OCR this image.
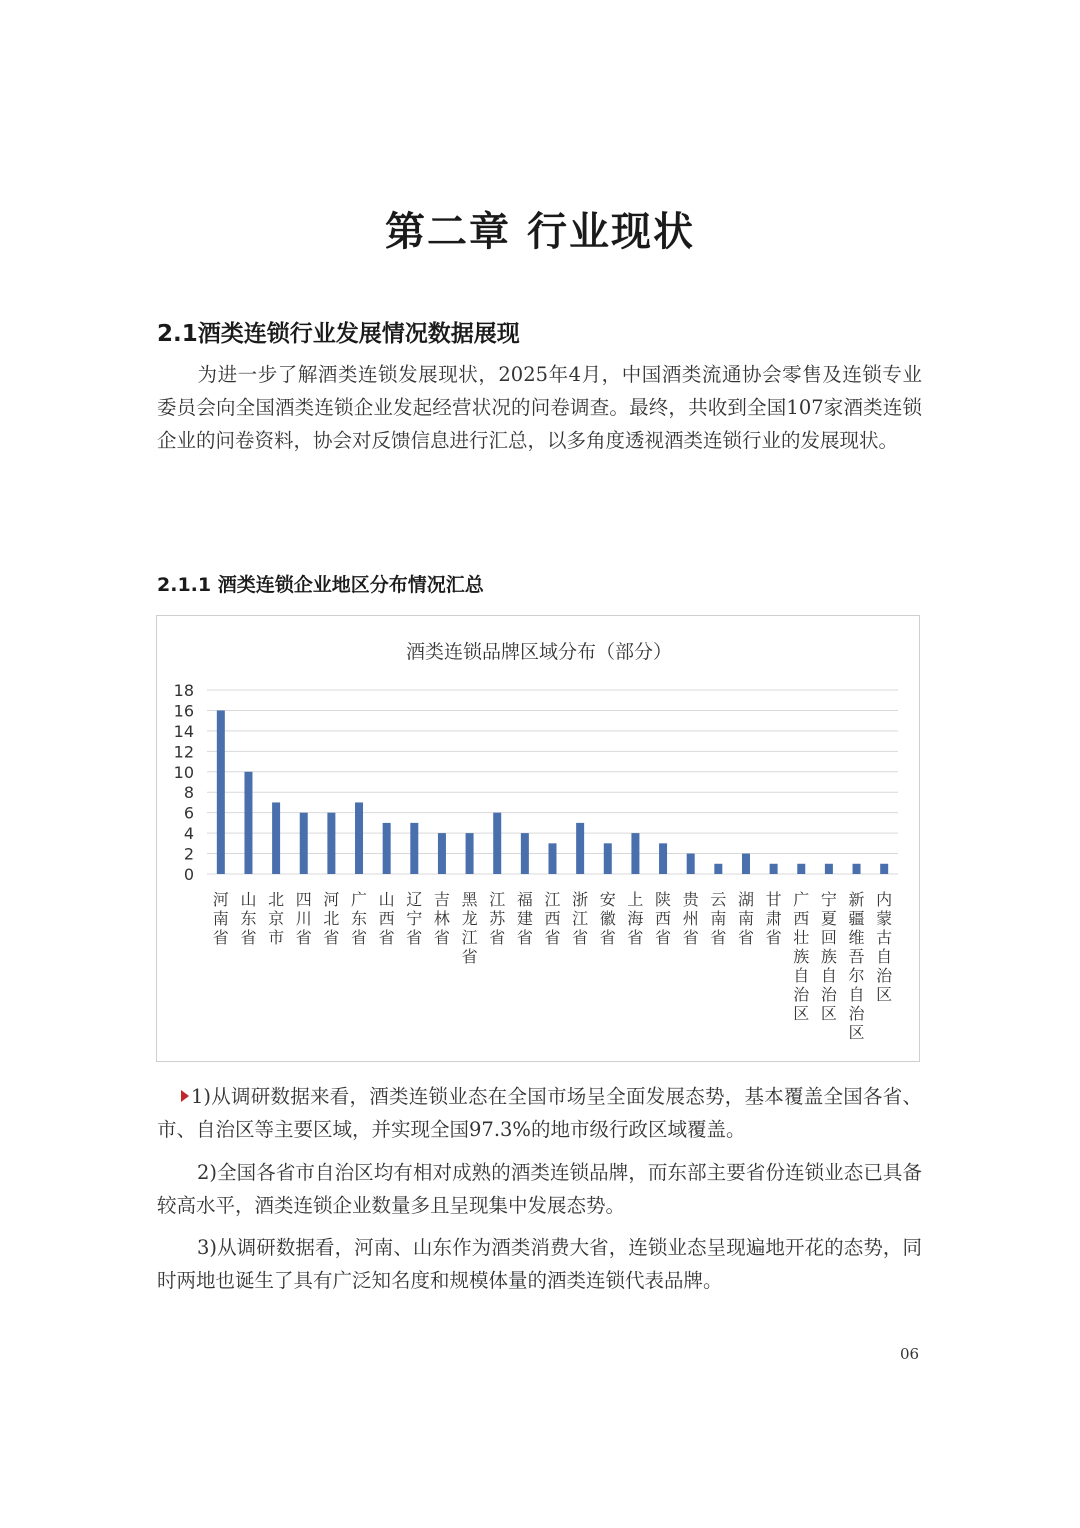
第二章 行业现状
2.1酒类连锁行业发展情况数据展现

为进一步了解酒类连锁发展现状，2025年4月，中国酒类流通协会零售及连锁专业委员会向全国酒类连锁企业发起经营状况的问卷调查。最终，共收到全国107家酒类连锁企业的问卷资料，协会对反馈信息进行汇总，以多角度透视酒类连锁行业的发展现状。

2.1.1 酒类连锁企业地区分布情况汇总
酒类连锁品牌区域分布（部分）
0
2
4
6
8
10
12
14
16
18
河南省
山东省
北京市
四川省
河北省
广东省
山西省
辽宁省
吉林省
黑龙江省
江苏省
福建省
江西省
浙江省
安徽省
上海省
陕西省
贵州省
云南省
湖南省
甘肃省
广西壮族自治区
宁夏回族自治区
新疆维吾尔自治区
内蒙古自治区

1)从调研数据来看，酒类连锁业态在全国市场呈全面发展态势，基本覆盖全国各省、市、自治区等主要区域，并实现全国97.3%的地市级行政区域覆盖。

2)全国各省市自治区均有相对成熟的酒类连锁品牌，而东部主要省份连锁业态已具备较高水平，酒类连锁企业数量多且呈现集中发展态势。

3)从调研数据看，河南、山东作为酒类消费大省，连锁业态呈现遍地开花的态势，同时两地也诞生了具有广泛知名度和规模体量的酒类连锁代表品牌。

06
